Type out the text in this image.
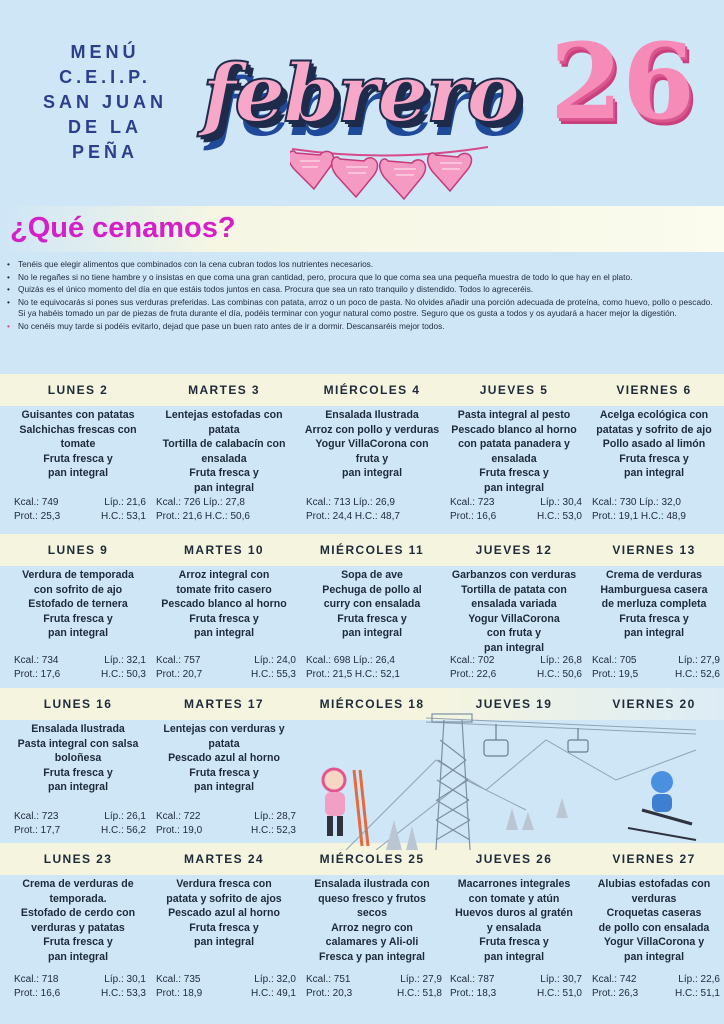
MENÚ
C.E.I.P.
SAN JUAN
DE LA
PEÑA
febrero 26
¿Qué cenamos?
• Tenéis que elegir alimentos que combinados con la cena cubran todos los nutrientes necesarios.
• No le regañes si no tiene hambre y o insistas en que coma una gran cantidad, pero, procura que lo que coma sea una pequeña muestra de todo lo que hay en el plato.
• Quizás es el único momento del día en que estáis todos juntos en casa. Procura que sea un rato tranquilo y distendido. Todos lo agreceréis.
• No te equivocarás si pones sus verduras preferidas. Las combinas con patata, arroz o un poco de pasta. No olvides añadir una porción adecuada de proteína, como huevo, pollo o pescado. Si ya habéis tomado un par de piezas de fruta durante el día, podéis terminar con yogur natural como postre. Seguro que os gusta a todos y os ayudará a hacer mejor la digestión.
• No cenéis muy tarde si podéis evitarlo, dejad que pase un buen rato antes de ir a dormir. Descansaréis mejor todos.
LUNES 2
Guisantes con patatas
Salchichas frescas con
tomate
Fruta fresca y
pan integral
Kcal.: 749	Líp.: 21,6
Prot.: 25,3	H.C.: 53,1
MARTES 3
Lentejas estofadas con
patata
Tortilla de calabacín con
ensalada
Fruta fresca y
pan integral
Kcal.: 726 Líp.: 27,8
Prot.: 21,6 H.C.: 50,6
MIÉRCOLES 4
Ensalada Ilustrada
Arroz con pollo y verduras
Yogur VillaCorona con
fruta y
pan integral
Kcal.: 713 Líp.: 26,9
Prot.: 24,4 H.C.: 48,7
JUEVES 5
Pasta integral al pesto
Pescado blanco al horno
con patata panadera y
ensalada
Fruta fresca y
pan integral
Kcal.: 723	Líp.: 30,4
Prot.: 16,6	H.C.: 53,0
VIERNES 6
Acelga ecológica con
patatas y sofrito de ajo
Pollo asado al limón
Fruta fresca y
pan integral
Kcal.: 730 Líp.: 32,0
Prot.: 19,1 H.C.: 48,9
LUNES 9
Verdura de temporada
con sofrito de ajo
Estofado de ternera
Fruta fresca y
pan integral
Kcal.: 734	Líp.: 32,1
Prot.: 17,6	H.C.: 50,3
MARTES 10
Arroz integral con
tomate frito casero
Pescado blanco al horno
Fruta fresca y
pan integral
Kcal.: 757	Líp.: 24,0
Prot.: 20,7	H.C.: 55,3
MIÉRCOLES 11
Sopa de ave
Pechuga de pollo al
curry con ensalada
Fruta fresca y
pan integral
Kcal.: 698 Líp.: 26,4
Prot.: 21,5 H.C.: 52,1
JUEVES 12
Garbanzos con verduras
Tortilla de patata con
ensalada variada
Yogur VillaCorona
con fruta y
pan integral
Kcal.: 702	Líp.: 26,8
Prot.: 22,6	H.C.: 50,6
VIERNES 13
Crema de verduras
Hamburguesa casera
de merluza completa
Fruta fresca y
pan integral
Kcal.: 705	Líp.: 27,9
Prot.: 19,5	H.C.: 52,6
LUNES 16
Ensalada Ilustrada
Pasta integral con salsa
boloñesa
Fruta fresca y
pan integral
Kcal.: 723	Líp.: 26,1
Prot.: 17,7	H.C.: 56,2
MARTES 17
Lentejas con verduras y
patata
Pescado azul al horno
Fruta fresca y
pan integral
Kcal.: 722	Líp.: 28,7
Prot.: 19,0	H.C.: 52,3
MIÉRCOLES 18	JUEVES 19	VIERNES 20
LUNES 23
Crema de verduras de
temporada.
Estofado de cerdo con
verduras y patatas
Fruta fresca y
pan integral
Kcal.: 718	Líp.: 30,1
Prot.: 16,6	H.C.: 53,3
MARTES 24
Verdura fresca con
patata y sofrito de ajos
Pescado azul al horno
Fruta fresca y
pan integral
Kcal.: 735	Líp.: 32,0
Prot.: 18,9	H.C.: 49,1
MIÉRCOLES 25
Ensalada ilustrada con
queso fresco y frutos
secos
Arroz negro con
calamares y Ali-oli
Fresca y pan integral
Kcal.: 751	Líp.: 27,9
Prot.: 20,3	H.C.: 51,8
JUEVES 26
Macarrones integrales
con tomate y atún
Huevos duros al gratén
y ensalada
Fruta fresca y
pan integral
Kcal.: 787	Líp.: 30,7
Prot.: 18,3	H.C.: 51,0
VIERNES 27
Alubias estofadas con
verduras
Croquetas caseras
de pollo con ensalada
Yogur VillaCorona y
pan integral
Kcal.: 742	Líp.: 22,6
Prot.: 26,3	H.C.: 51,1
